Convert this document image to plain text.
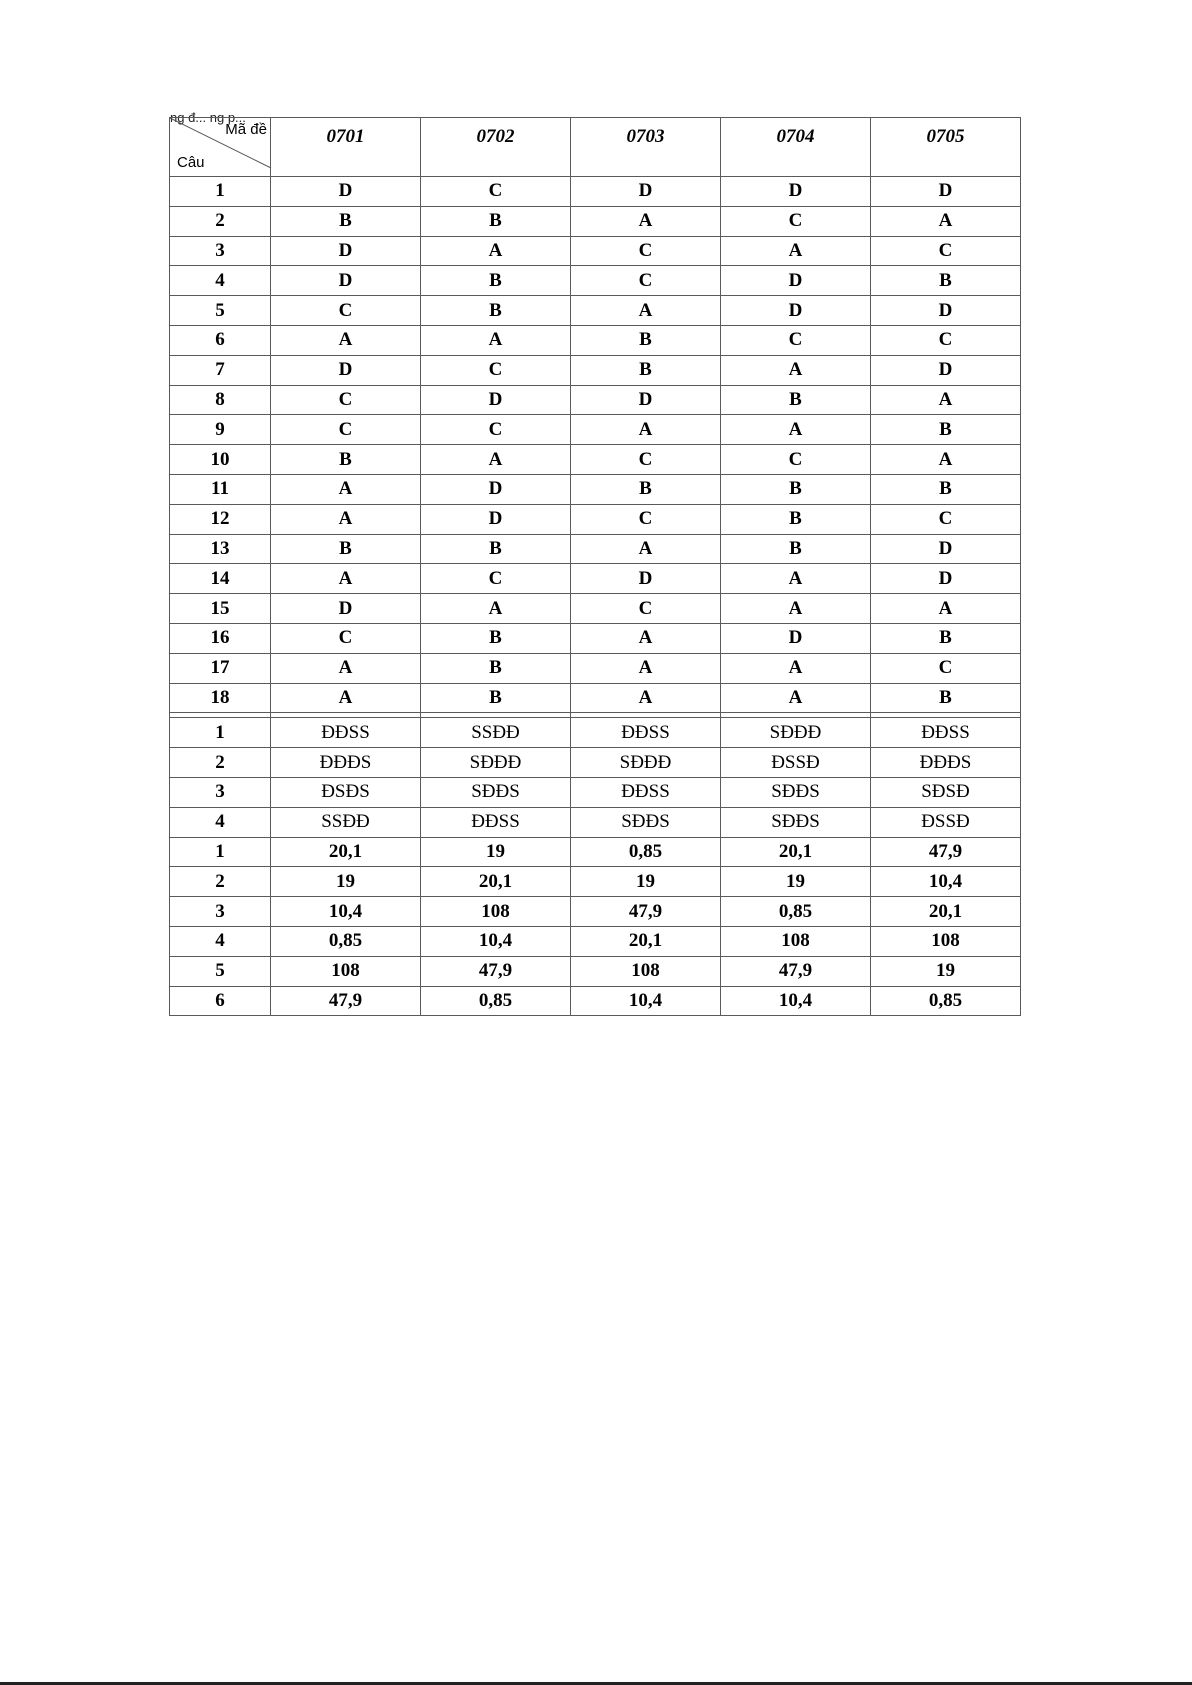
ng đ... ng p...
Mã đề
Câu	0701	0702	0703	0704	0705
1	D	C	D	D	D
2	B	B	A	C	A
3	D	A	C	A	C
4	D	B	C	D	B
5	C	B	A	D	D
6	A	A	B	C	C
7	D	C	B	A	D
8	C	D	D	B	A
9	C	C	A	A	B
10	B	A	C	C	A
11	A	D	B	B	B
12	A	D	C	B	C
13	B	B	A	B	D
14	A	C	D	A	D
15	D	A	C	A	A
16	C	B	A	D	B
17	A	B	A	A	C
18	A	B	A	A	B

1	ĐĐSS	SSĐĐ	ĐĐSS	SĐĐĐ	ĐĐSS
2	ĐĐĐS	SĐĐĐ	SĐĐĐ	ĐSSĐ	ĐĐĐS
3	ĐSĐS	SĐĐS	ĐĐSS	SĐĐS	SĐSĐ
4	SSĐĐ	ĐĐSS	SĐĐS	SĐĐS	ĐSSĐ
1	20,1	19	0,85	20,1	47,9
2	19	20,1	19	19	10,4
3	10,4	108	47,9	0,85	20,1
4	0,85	10,4	20,1	108	108
5	108	47,9	108	47,9	19
6	47,9	0,85	10,4	10,4	0,85
